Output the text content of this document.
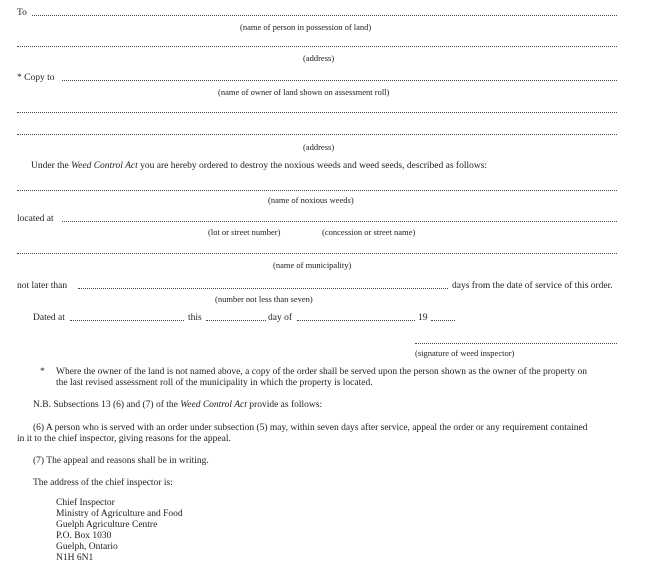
To
(name of person in possession of land)
(address)
* Copy to
(name of owner of land shown on assessment roll)
(address)
Under the Weed Control Act you are hereby ordered to destroy the noxious weeds and weed seeds, described as follows:
(name of noxious weeds)
located at
(lot or street number)	(concession or street name)
(name of municipality)
not later than	days from the date of service of this order.
(number not less than seven)
Dated at	this	day of	19
(signature of weed inspector)
* Where the owner of the land is not named above, a copy of the order shall be served upon the person shown as the owner of the property on
the last revised assessment roll of the municipality in which the property is located.
N.B. Subsections 13 (6) and (7) of the Weed Control Act provide as follows:
(6) A person who is served with an order under subsection (5) may, within seven days after service, appeal the order or any requirement contained
in it to the chief inspector, giving reasons for the appeal.
(7) The appeal and reasons shall be in writing.
The address of the chief inspector is:
Chief Inspector
Ministry of Agriculture and Food
Guelph Agriculture Centre
P.O. Box 1030
Guelph, Ontario
N1H 6N1
